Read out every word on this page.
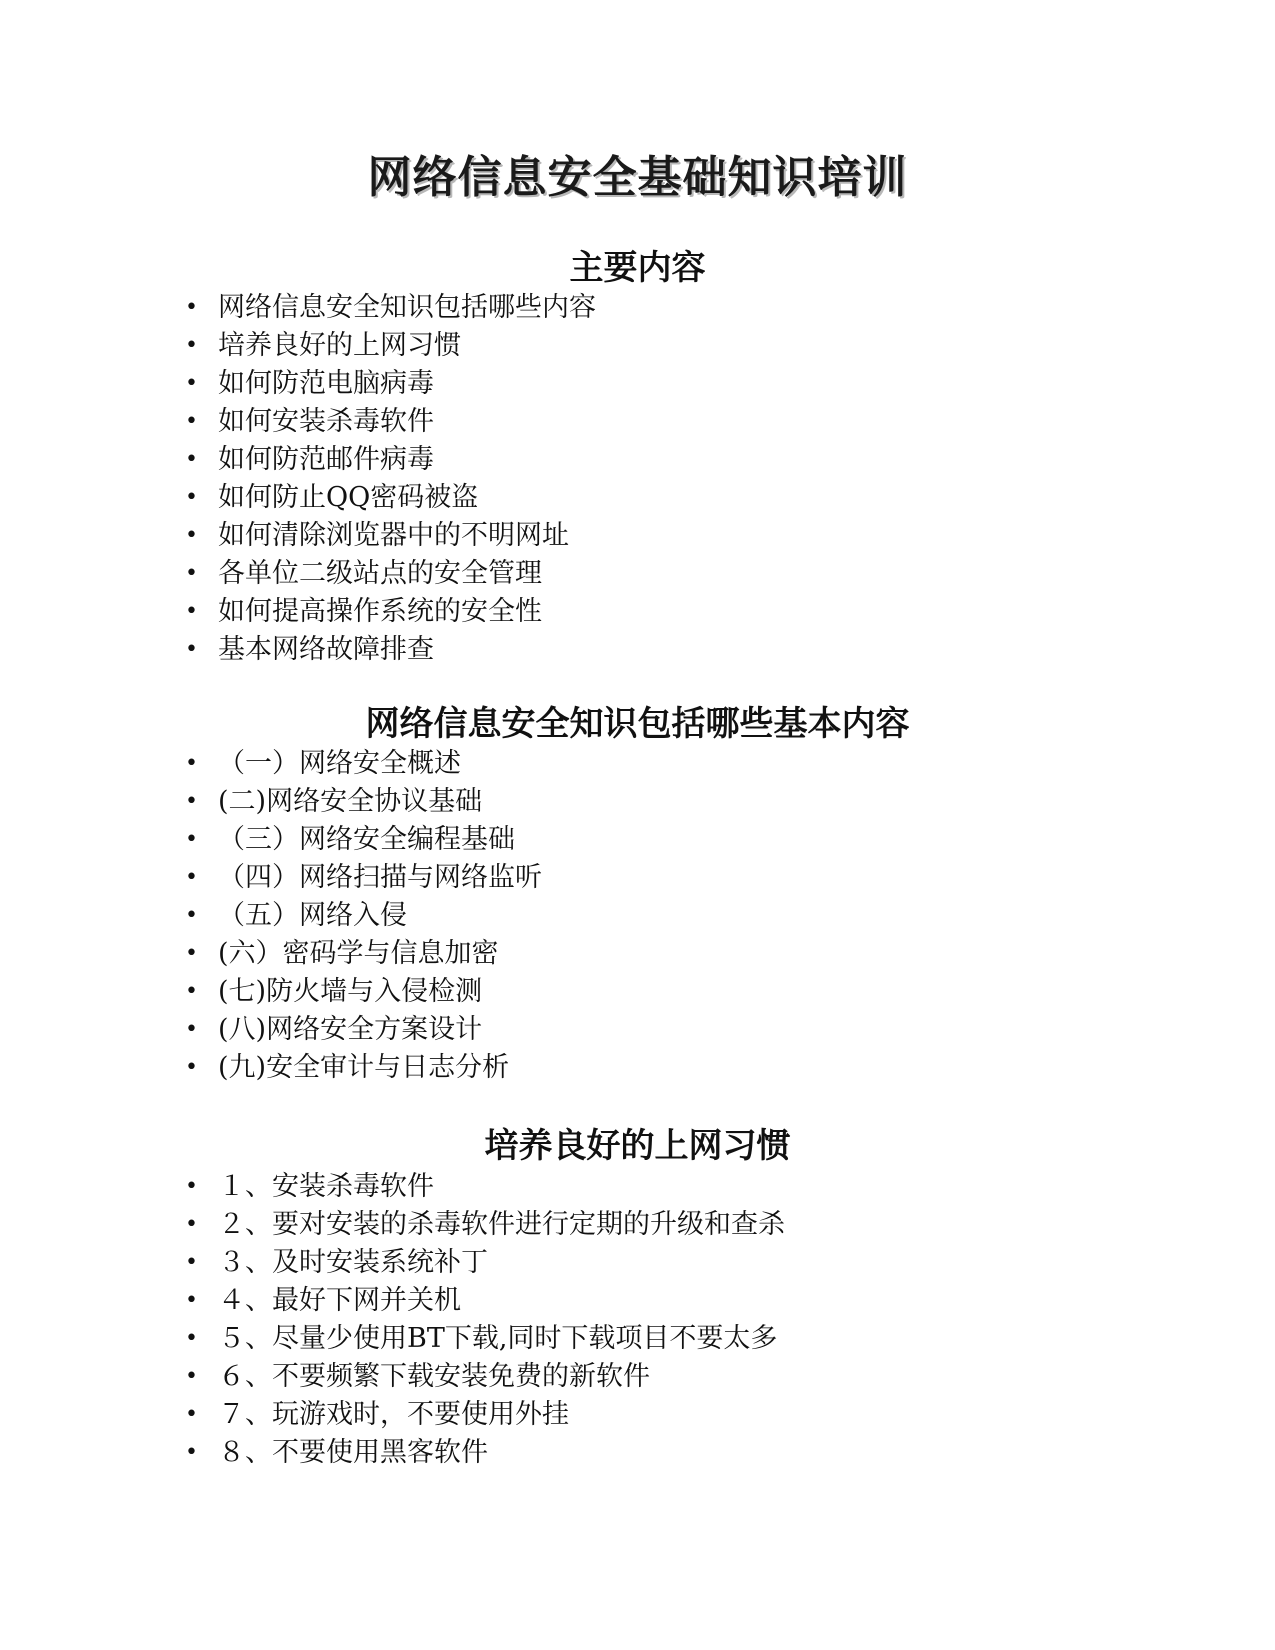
网络信息安全基础知识培训
主要内容
• 网络信息安全知识包括哪些内容
• 培养良好的上网习惯
• 如何防范电脑病毒
• 如何安装杀毒软件
• 如何防范邮件病毒
• 如何防止QQ密码被盗
• 如何清除浏览器中的不明网址
• 各单位二级站点的安全管理
• 如何提高操作系统的安全性
• 基本网络故障排查
网络信息安全知识包括哪些基本内容
• （一）网络安全概述
• (二)网络安全协议基础
• （三）网络安全编程基础
• （四）网络扫描与网络监听
• （五）网络入侵
• (六）密码学与信息加密
• (七)防火墙与入侵检测
• (八)网络安全方案设计
• (九)安全审计与日志分析
培养良好的上网习惯
• １、安装杀毒软件
• ２、要对安装的杀毒软件进行定期的升级和查杀
• ３、及时安装系统补丁
• ４、最好下网并关机
• ５、尽量少使用BT下载,同时下载项目不要太多
• ６、不要频繁下载安装免费的新软件
• ７、玩游戏时，不要使用外挂
• ８、不要使用黑客软件
